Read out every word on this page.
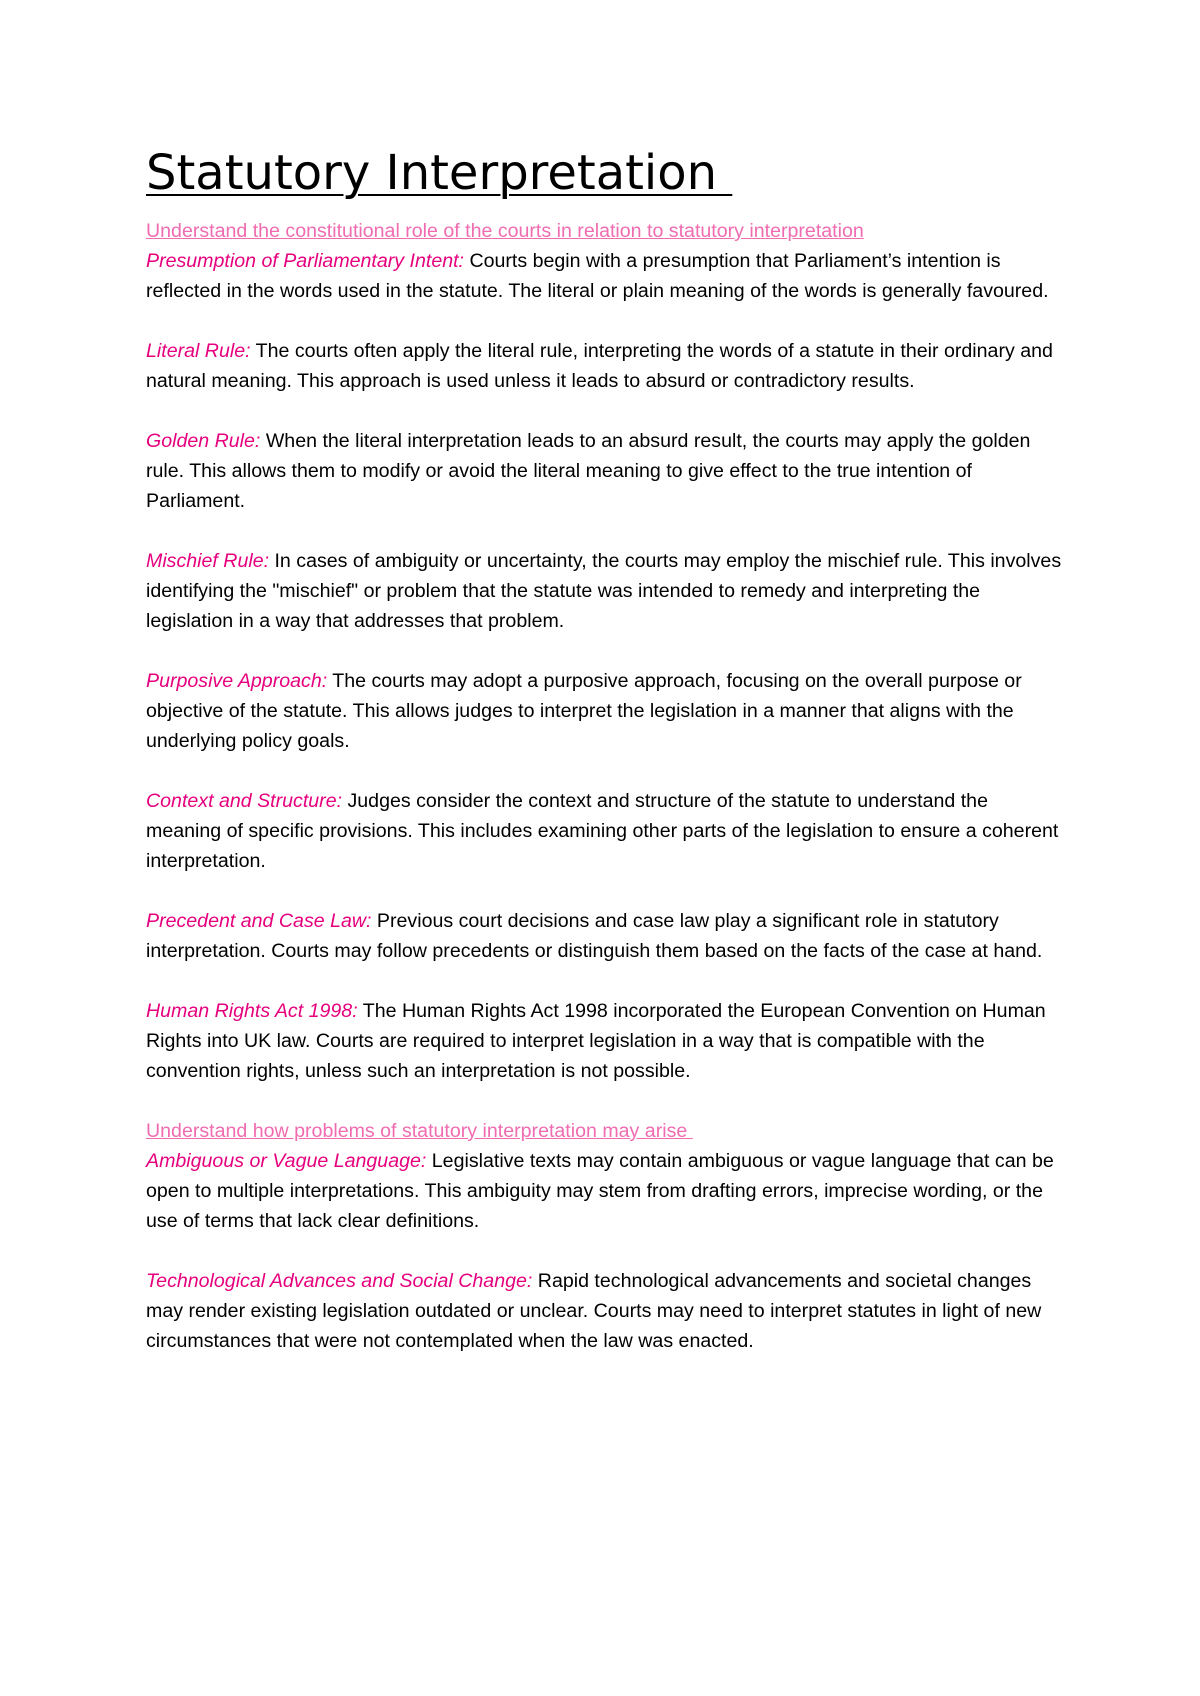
Statutory Interpretation
Understand the constitutional role of the courts in relation to statutory interpretation

Presumption of Parliamentary Intent: Courts begin with a presumption that Parliament’s intention is reflected in the words used in the statute. The literal or plain meaning of the words is generally favoured.

Literal Rule: The courts often apply the literal rule, interpreting the words of a statute in their ordinary and natural meaning. This approach is used unless it leads to absurd or contradictory results.

Golden Rule: When the literal interpretation leads to an absurd result, the courts may apply the golden rule. This allows them to modify or avoid the literal meaning to give effect to the true intention of Parliament.

Mischief Rule: In cases of ambiguity or uncertainty, the courts may employ the mischief rule. This involves identifying the "mischief" or problem that the statute was intended to remedy and interpreting the legislation in a way that addresses that problem.

Purposive Approach: The courts may adopt a purposive approach, focusing on the overall purpose or objective of the statute. This allows judges to interpret the legislation in a manner that aligns with the underlying policy goals.

Context and Structure: Judges consider the context and structure of the statute to understand the meaning of specific provisions. This includes examining other parts of the legislation to ensure a coherent interpretation.

Precedent and Case Law: Previous court decisions and case law play a significant role in statutory interpretation. Courts may follow precedents or distinguish them based on the facts of the case at hand.

Human Rights Act 1998: The Human Rights Act 1998 incorporated the European Convention on Human Rights into UK law. Courts are required to interpret legislation in a way that is compatible with the convention rights, unless such an interpretation is not possible.

Understand how problems of statutory interpretation may arise

Ambiguous or Vague Language: Legislative texts may contain ambiguous or vague language that can be open to multiple interpretations. This ambiguity may stem from drafting errors, imprecise wording, or the use of terms that lack clear definitions.

Technological Advances and Social Change: Rapid technological advancements and societal changes may render existing legislation outdated or unclear. Courts may need to interpret statutes in light of new circumstances that were not contemplated when the law was enacted.
